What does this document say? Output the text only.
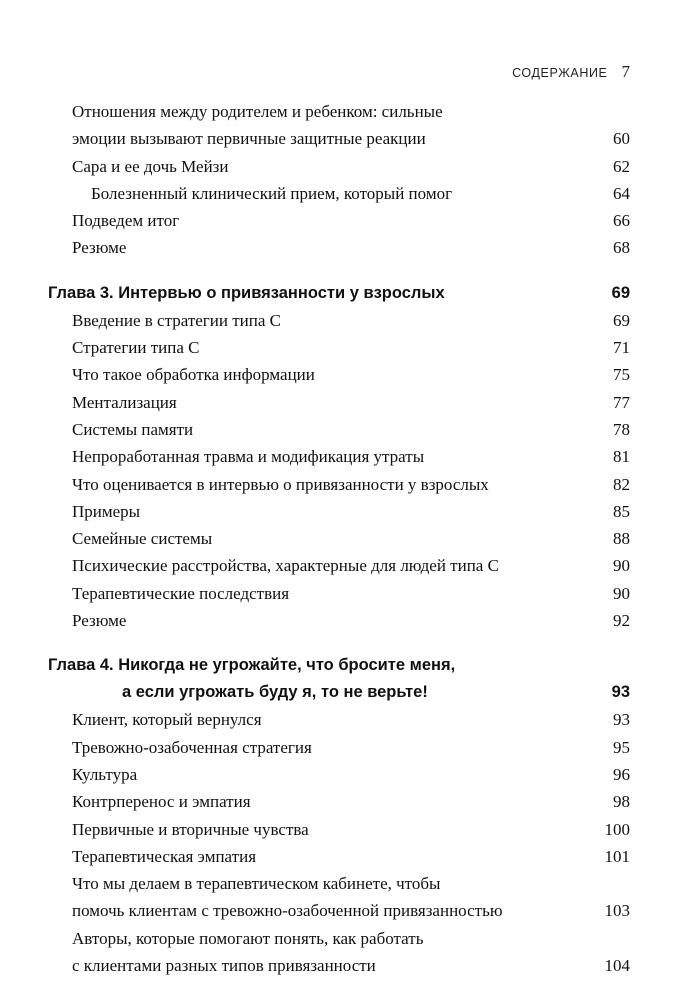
СОДЕРЖАНИЕ 7
Отношения между родителем и ребенком: сильные
эмоции вызывают первичные защитные реакции	60
Сара и ее дочь Мейзи	62
Болезненный клинический прием, который помог	64
Подведем итог	66
Резюме	68
Глава 3. Интервью о привязанности у взрослых	69
Введение в стратегии типа С	69
Стратегии типа С	71
Что такое обработка информации	75
Ментализация	77
Системы памяти	78
Непроработанная травма и модификация утраты	81
Что оценивается в интервью о привязанности у взрослых	82
Примеры	85
Семейные системы	88
Психические расстройства, характерные для людей типа С	90
Терапевтические последствия	90
Резюме	92
Глава 4. Никогда не угрожайте, что бросите меня,
а если угрожать буду я, то не верьте!	93
Клиент, который вернулся	93
Тревожно-озабоченная стратегия	95
Культура	96
Контрперенос и эмпатия	98
Первичные и вторичные чувства	100
Терапевтическая эмпатия	101
Что мы делаем в терапевтическом кабинете, чтобы
помочь клиентам с тревожно-озабоченной привязанностью	103
Авторы, которые помогают понять, как работать
с клиентами разных типов привязанности	104
